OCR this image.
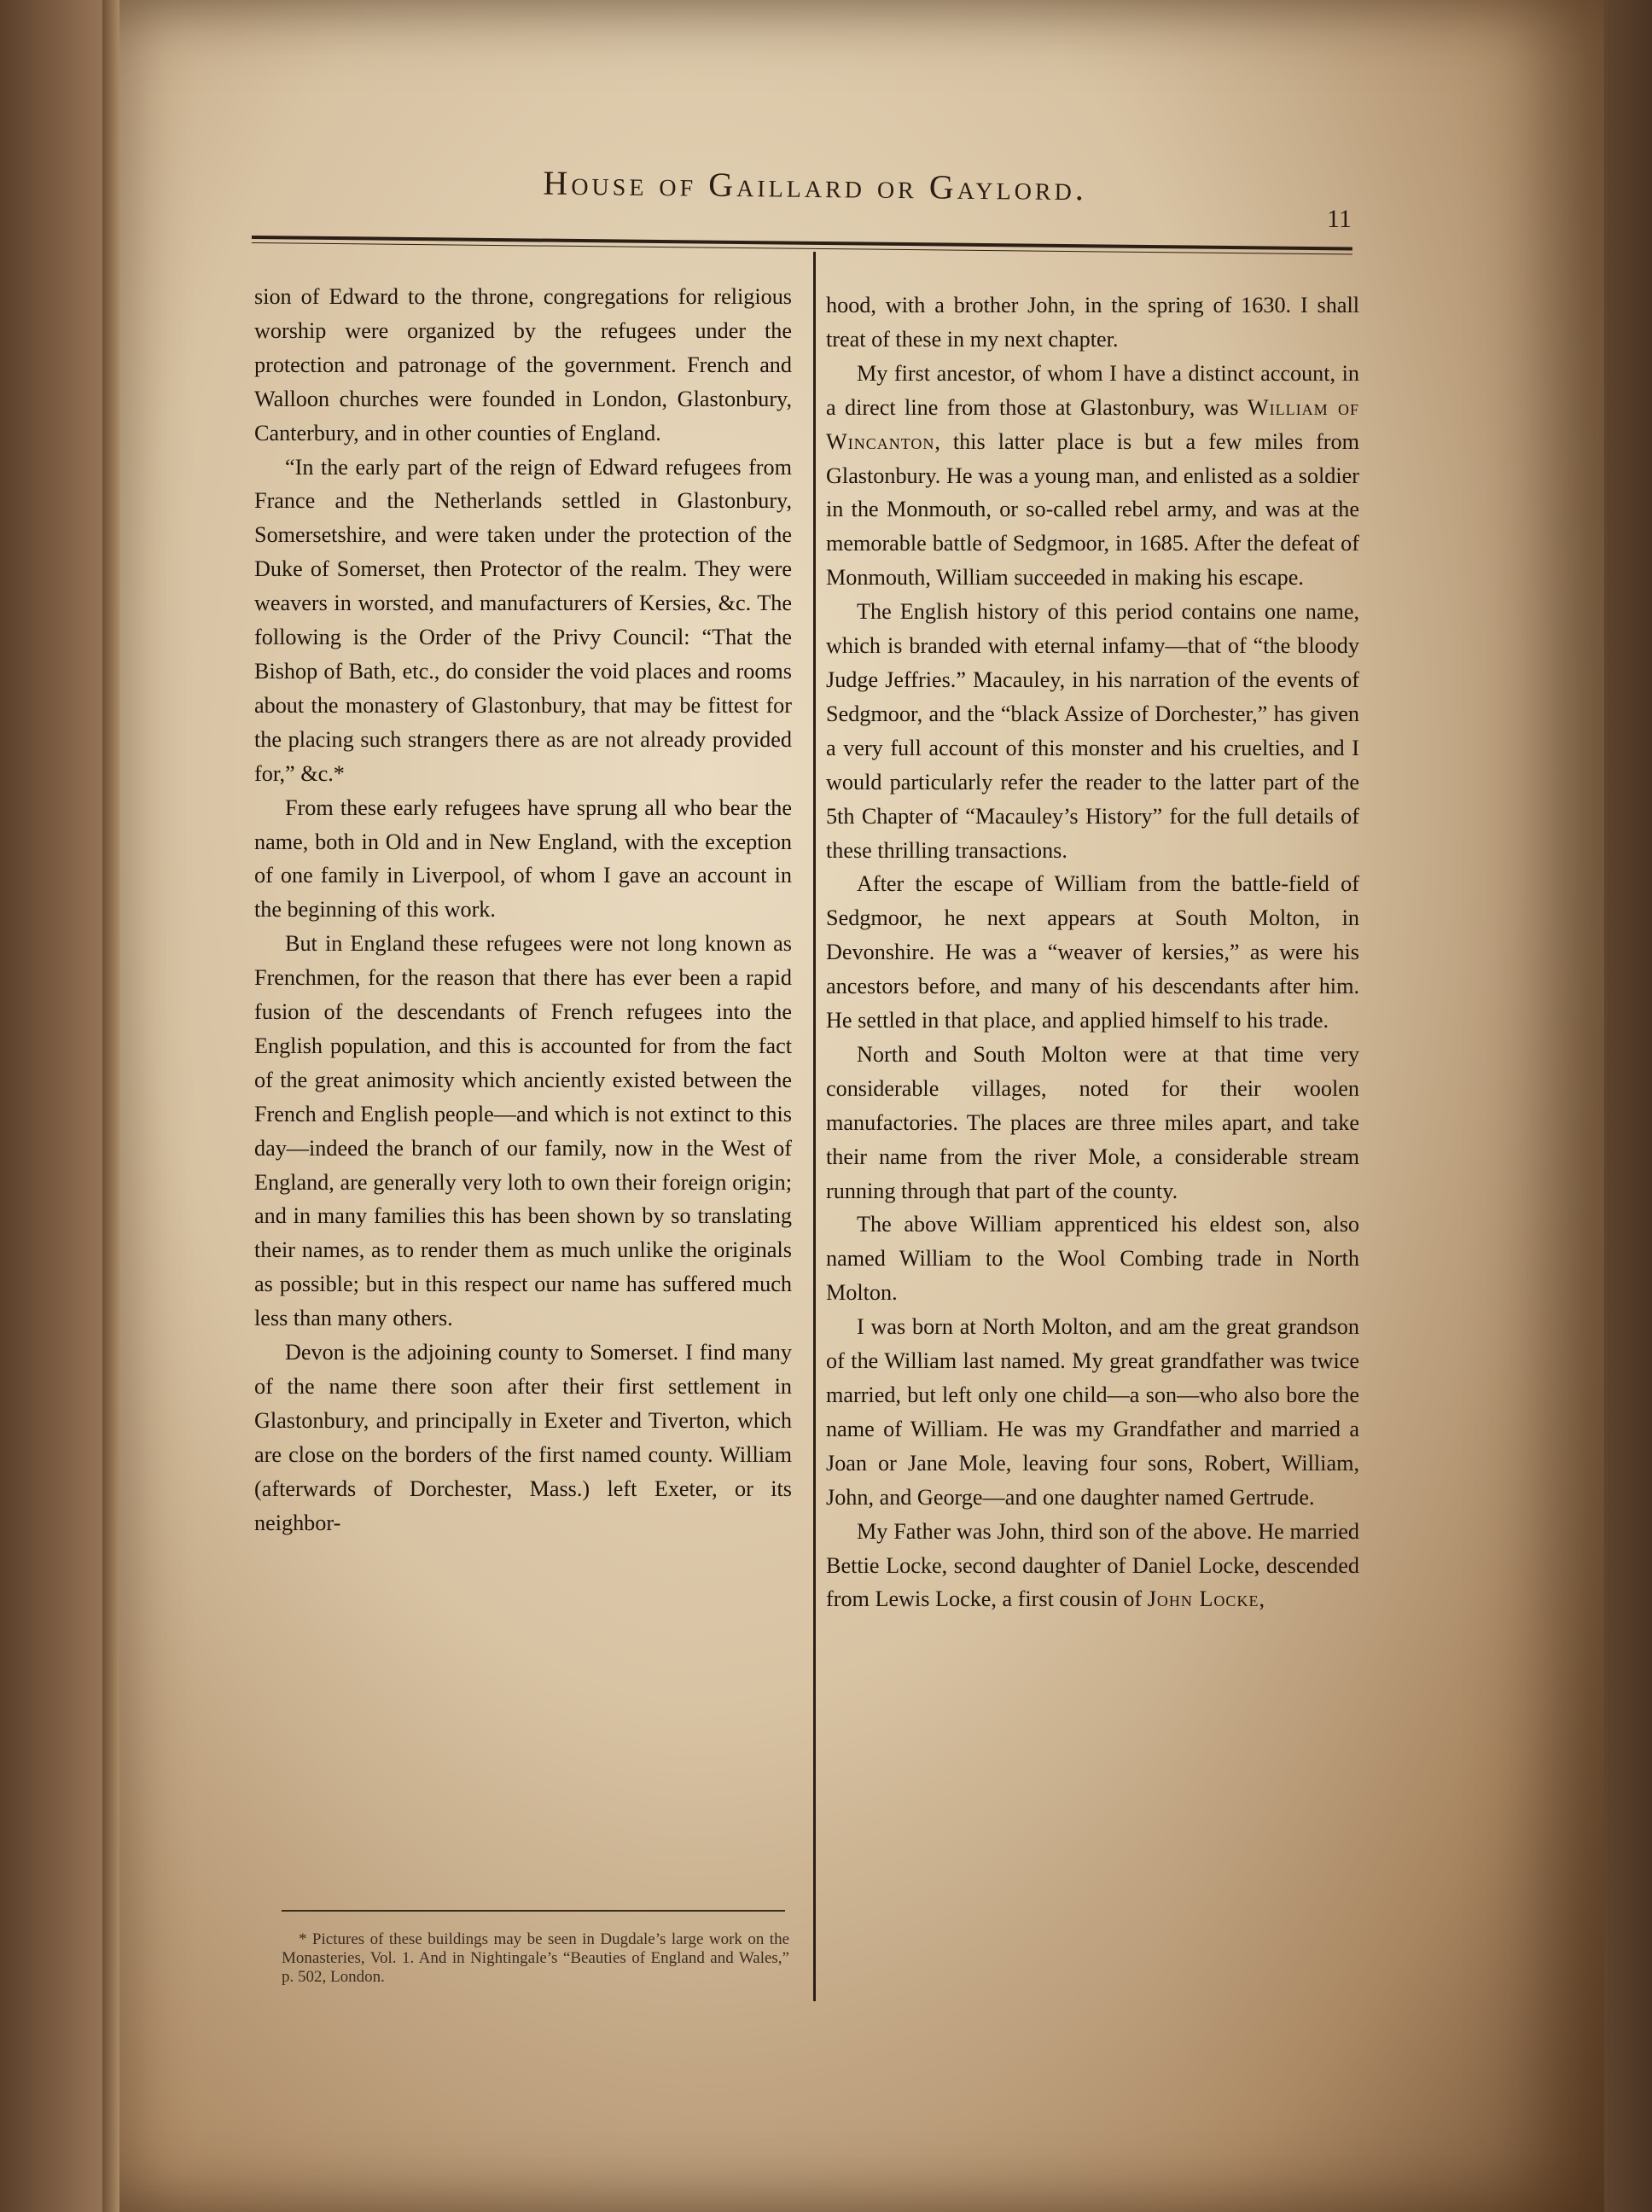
House of Gaillard or Gaylord.
11

sion of Edward to the throne, congregations for religious worship were organized by the refugees under the protection and patronage of the government. French and Walloon churches were founded in London, Glastonbury, Canterbury, and in other counties of England.

“In the early part of the reign of Edward refugees from France and the Netherlands settled in Glastonbury, Somersetshire, and were taken under the protection of the Duke of Somerset, then Protector of the realm. They were weavers in worsted, and manufacturers of Kersies, &c. The following is the Order of the Privy Council: “That the Bishop of Bath, etc., do consider the void places and rooms about the monastery of Glastonbury, that may be fittest for the placing such strangers there as are not already provided for,” &c.*

From these early refugees have sprung all who bear the name, both in Old and in New England, with the exception of one family in Liverpool, of whom I gave an account in the beginning of this work.

But in England these refugees were not long known as Frenchmen, for the reason that there has ever been a rapid fusion of the descendants of French refugees into the English population, and this is accounted for from the fact of the great animosity which anciently existed between the French and English people—and which is not extinct to this day—indeed the branch of our family, now in the West of England, are generally very loth to own their foreign origin; and in many families this has been shown by so translating their names, as to render them as much unlike the originals as possible; but in this respect our name has suffered much less than many others.

Devon is the adjoining county to Somerset. I find many of the name there soon after their first settlement in Glastonbury, and principally in Exeter and Tiverton, which are close on the borders of the first named county. William (afterwards of Dorchester, Mass.) left Exeter, or its neighbor-

hood, with a brother John, in the spring of 1630. I shall treat of these in my next chapter.

My first ancestor, of whom I have a distinct account, in a direct line from those at Glastonbury, was William of Wincanton, this latter place is but a few miles from Glastonbury. He was a young man, and enlisted as a soldier in the Monmouth, or so-called rebel army, and was at the memorable battle of Sedgmoor, in 1685. After the defeat of Monmouth, William succeeded in making his escape.

The English history of this period contains one name, which is branded with eternal infamy—that of “the bloody Judge Jeffries.” Macauley, in his narration of the events of Sedgmoor, and the “black Assize of Dorchester,” has given a very full account of this monster and his cruelties, and I would particularly refer the reader to the latter part of the 5th Chapter of “Macauley’s History” for the full details of these thrilling transactions.

After the escape of William from the battle-field of Sedgmoor, he next appears at South Molton, in Devonshire. He was a “weaver of kersies,” as were his ancestors before, and many of his descendants after him. He settled in that place, and applied himself to his trade.

North and South Molton were at that time very considerable villages, noted for their woolen manufactories. The places are three miles apart, and take their name from the river Mole, a considerable stream running through that part of the county.

The above William apprenticed his eldest son, also named William to the Wool Combing trade in North Molton.

I was born at North Molton, and am the great grandson of the William last named. My great grandfather was twice married, but left only one child—a son—who also bore the name of William. He was my Grandfather and married a Joan or Jane Mole, leaving four sons, Robert, William, John, and George—and one daughter named Gertrude.

My Father was John, third son of the above. He married Bettie Locke, second daughter of Daniel Locke, descended from Lewis Locke, a first cousin of John Locke,

* Pictures of these buildings may be seen in Dugdale’s large work on the Monasteries, Vol. 1. And in Nightingale’s “Beauties of England and Wales,” p. 502, London.
